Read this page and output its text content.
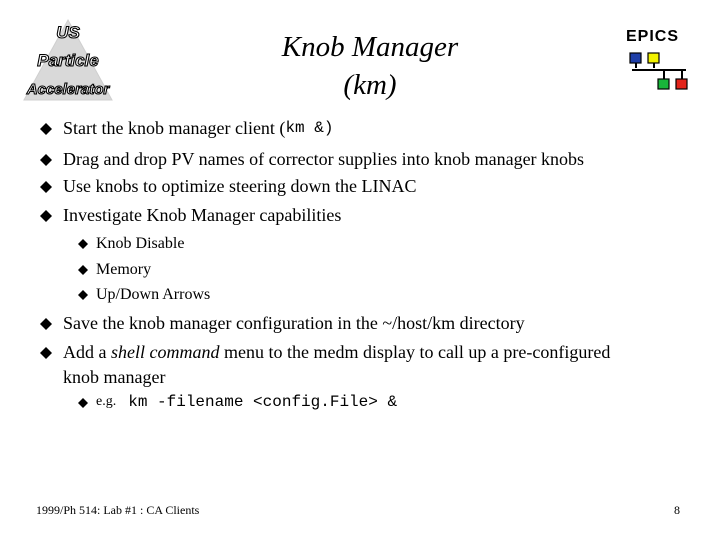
US
Particle
Accelerator
Knob Manager
(km)
EPICS
Start the knob manager client ( km &)
Drag and drop PV names of corrector supplies into knob manager knobs
Use knobs to optimize steering down the LINAC
Investigate Knob Manager capabilities
Knob Disable
Memory
Up/Down Arrows
Save the knob manager configuration in the ~/host/km directory
Add a shell command menu to the medm display to call up a pre-configured
knob manager
e.g. km -filename <config.File> &
1999/Ph 514: Lab #1 : CA Clients	8
